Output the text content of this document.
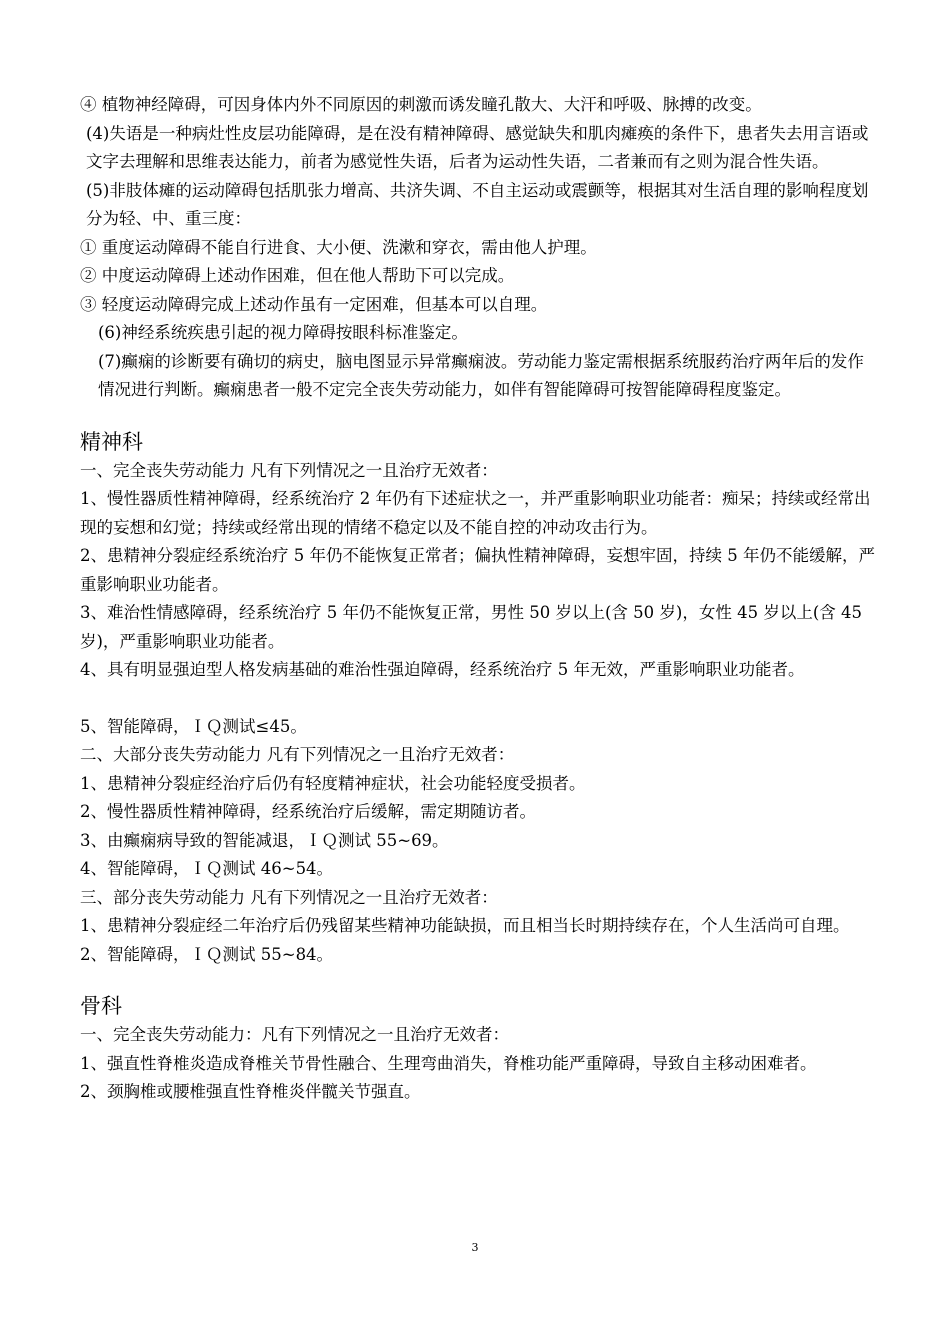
④ 植物神经障碍，可因身体内外不同原因的刺激而诱发瞳孔散大、大汗和呼吸、脉搏的改变。

(4)失语是一种病灶性皮层功能障碍，是在没有精神障碍、感觉缺失和肌肉瘫痪的条件下，患者失去用言语或文字去理解和思维表达能力，前者为感觉性失语，后者为运动性失语，二者兼而有之则为混合性失语。

(5)非肢体瘫的运动障碍包括肌张力增高、共济失调、不自主运动或震颤等，根据其对生活自理的影响程度划分为轻、中、重三度：

① 重度运动障碍不能自行进食、大小便、洗漱和穿衣，需由他人护理。

② 中度运动障碍上述动作困难，但在他人帮助下可以完成。

③ 轻度运动障碍完成上述动作虽有一定困难，但基本可以自理。

(6)神经系统疾患引起的视力障碍按眼科标准鉴定。

(7)癫痫的诊断要有确切的病史，脑电图显示异常癫痫波。劳动能力鉴定需根据系统服药治疗两年后的发作情况进行判断。癫痫患者一般不定完全丧失劳动能力，如伴有智能障碍可按智能障碍程度鉴定。

精神科

一、完全丧失劳动能力 凡有下列情况之一且治疗无效者：

1、慢性器质性精神障碍，经系统治疗 2 年仍有下述症状之一，并严重影响职业功能者：痴呆；持续或经常出现的妄想和幻觉；持续或经常出现的情绪不稳定以及不能自控的冲动攻击行为。

2、患精神分裂症经系统治疗 5 年仍不能恢复正常者；偏执性精神障碍，妄想牢固，持续 5 年仍不能缓解，严重影响职业功能者。

3、难治性情感障碍，经系统治疗 5 年仍不能恢复正常，男性 50 岁以上(含 50 岁)，女性 45 岁以上(含 45 岁)，严重影响职业功能者。

4、具有明显强迫型人格发病基础的难治性强迫障碍，经系统治疗 5 年无效，严重影响职业功能者。

5、智能障碍，ＩＱ测试≤45。

二、大部分丧失劳动能力 凡有下列情况之一且治疗无效者：

1、患精神分裂症经治疗后仍有轻度精神症状，社会功能轻度受损者。

2、慢性器质性精神障碍，经系统治疗后缓解，需定期随访者。

3、由癫痫病导致的智能减退，ＩＱ测试 55~69。

4、智能障碍，ＩＱ测试 46~54。

三、部分丧失劳动能力 凡有下列情况之一且治疗无效者：

1、患精神分裂症经二年治疗后仍残留某些精神功能缺损，而且相当长时期持续存在，个人生活尚可自理。

2、智能障碍，ＩＱ测试 55~84。

骨科

一、完全丧失劳动能力：凡有下列情况之一且治疗无效者：

1、强直性脊椎炎造成脊椎关节骨性融合、生理弯曲消失，脊椎功能严重障碍，导致自主移动困难者。

2、颈胸椎或腰椎强直性脊椎炎伴髋关节强直。

3
